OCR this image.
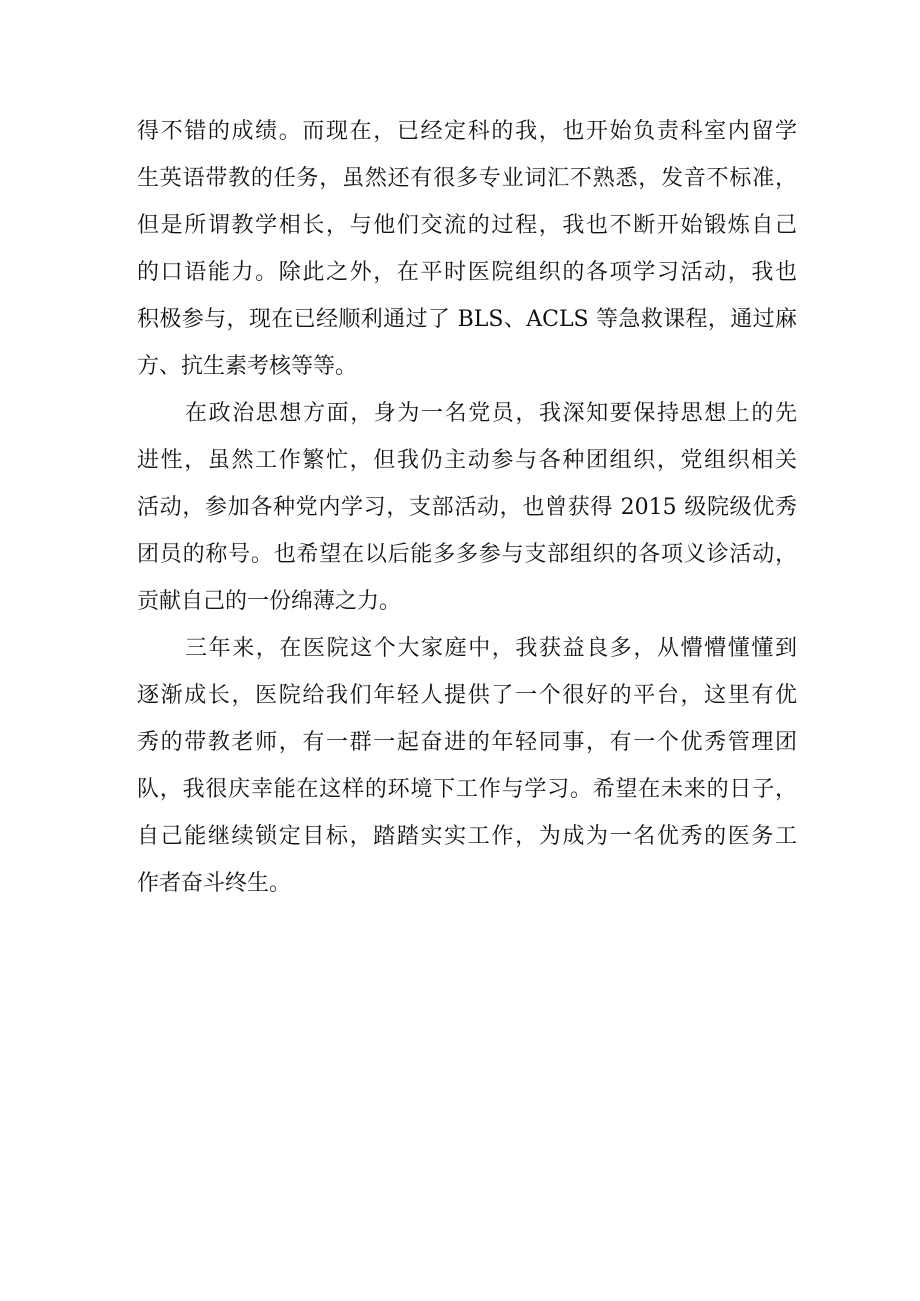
得不错的成绩。而现在，已经定科的我，也开始负责科室内留学
生英语带教的任务，虽然还有很多专业词汇不熟悉，发音不标准，
但是所谓教学相长，与他们交流的过程，我也不断开始锻炼自己
的口语能力。除此之外，在平时医院组织的各项学习活动，我也
积极参与，现在已经顺利通过了 BLS、ACLS 等急救课程，通过麻
方、抗生素考核等等。
在政治思想方面，身为一名党员，我深知要保持思想上的先
进性，虽然工作繁忙，但我仍主动参与各种团组织，党组织相关
活动，参加各种党内学习，支部活动，也曾获得 2015 级院级优秀
团员的称号。也希望在以后能多多参与支部组织的各项义诊活动，
贡献自己的一份绵薄之力。
三年来，在医院这个大家庭中，我获益良多，从懵懵懂懂到
逐渐成长，医院给我们年轻人提供了一个很好的平台，这里有优
秀的带教老师，有一群一起奋进的年轻同事，有一个优秀管理团
队，我很庆幸能在这样的环境下工作与学习。希望在未来的日子，
自己能继续锁定目标，踏踏实实工作，为成为一名优秀的医务工
作者奋斗终生。
